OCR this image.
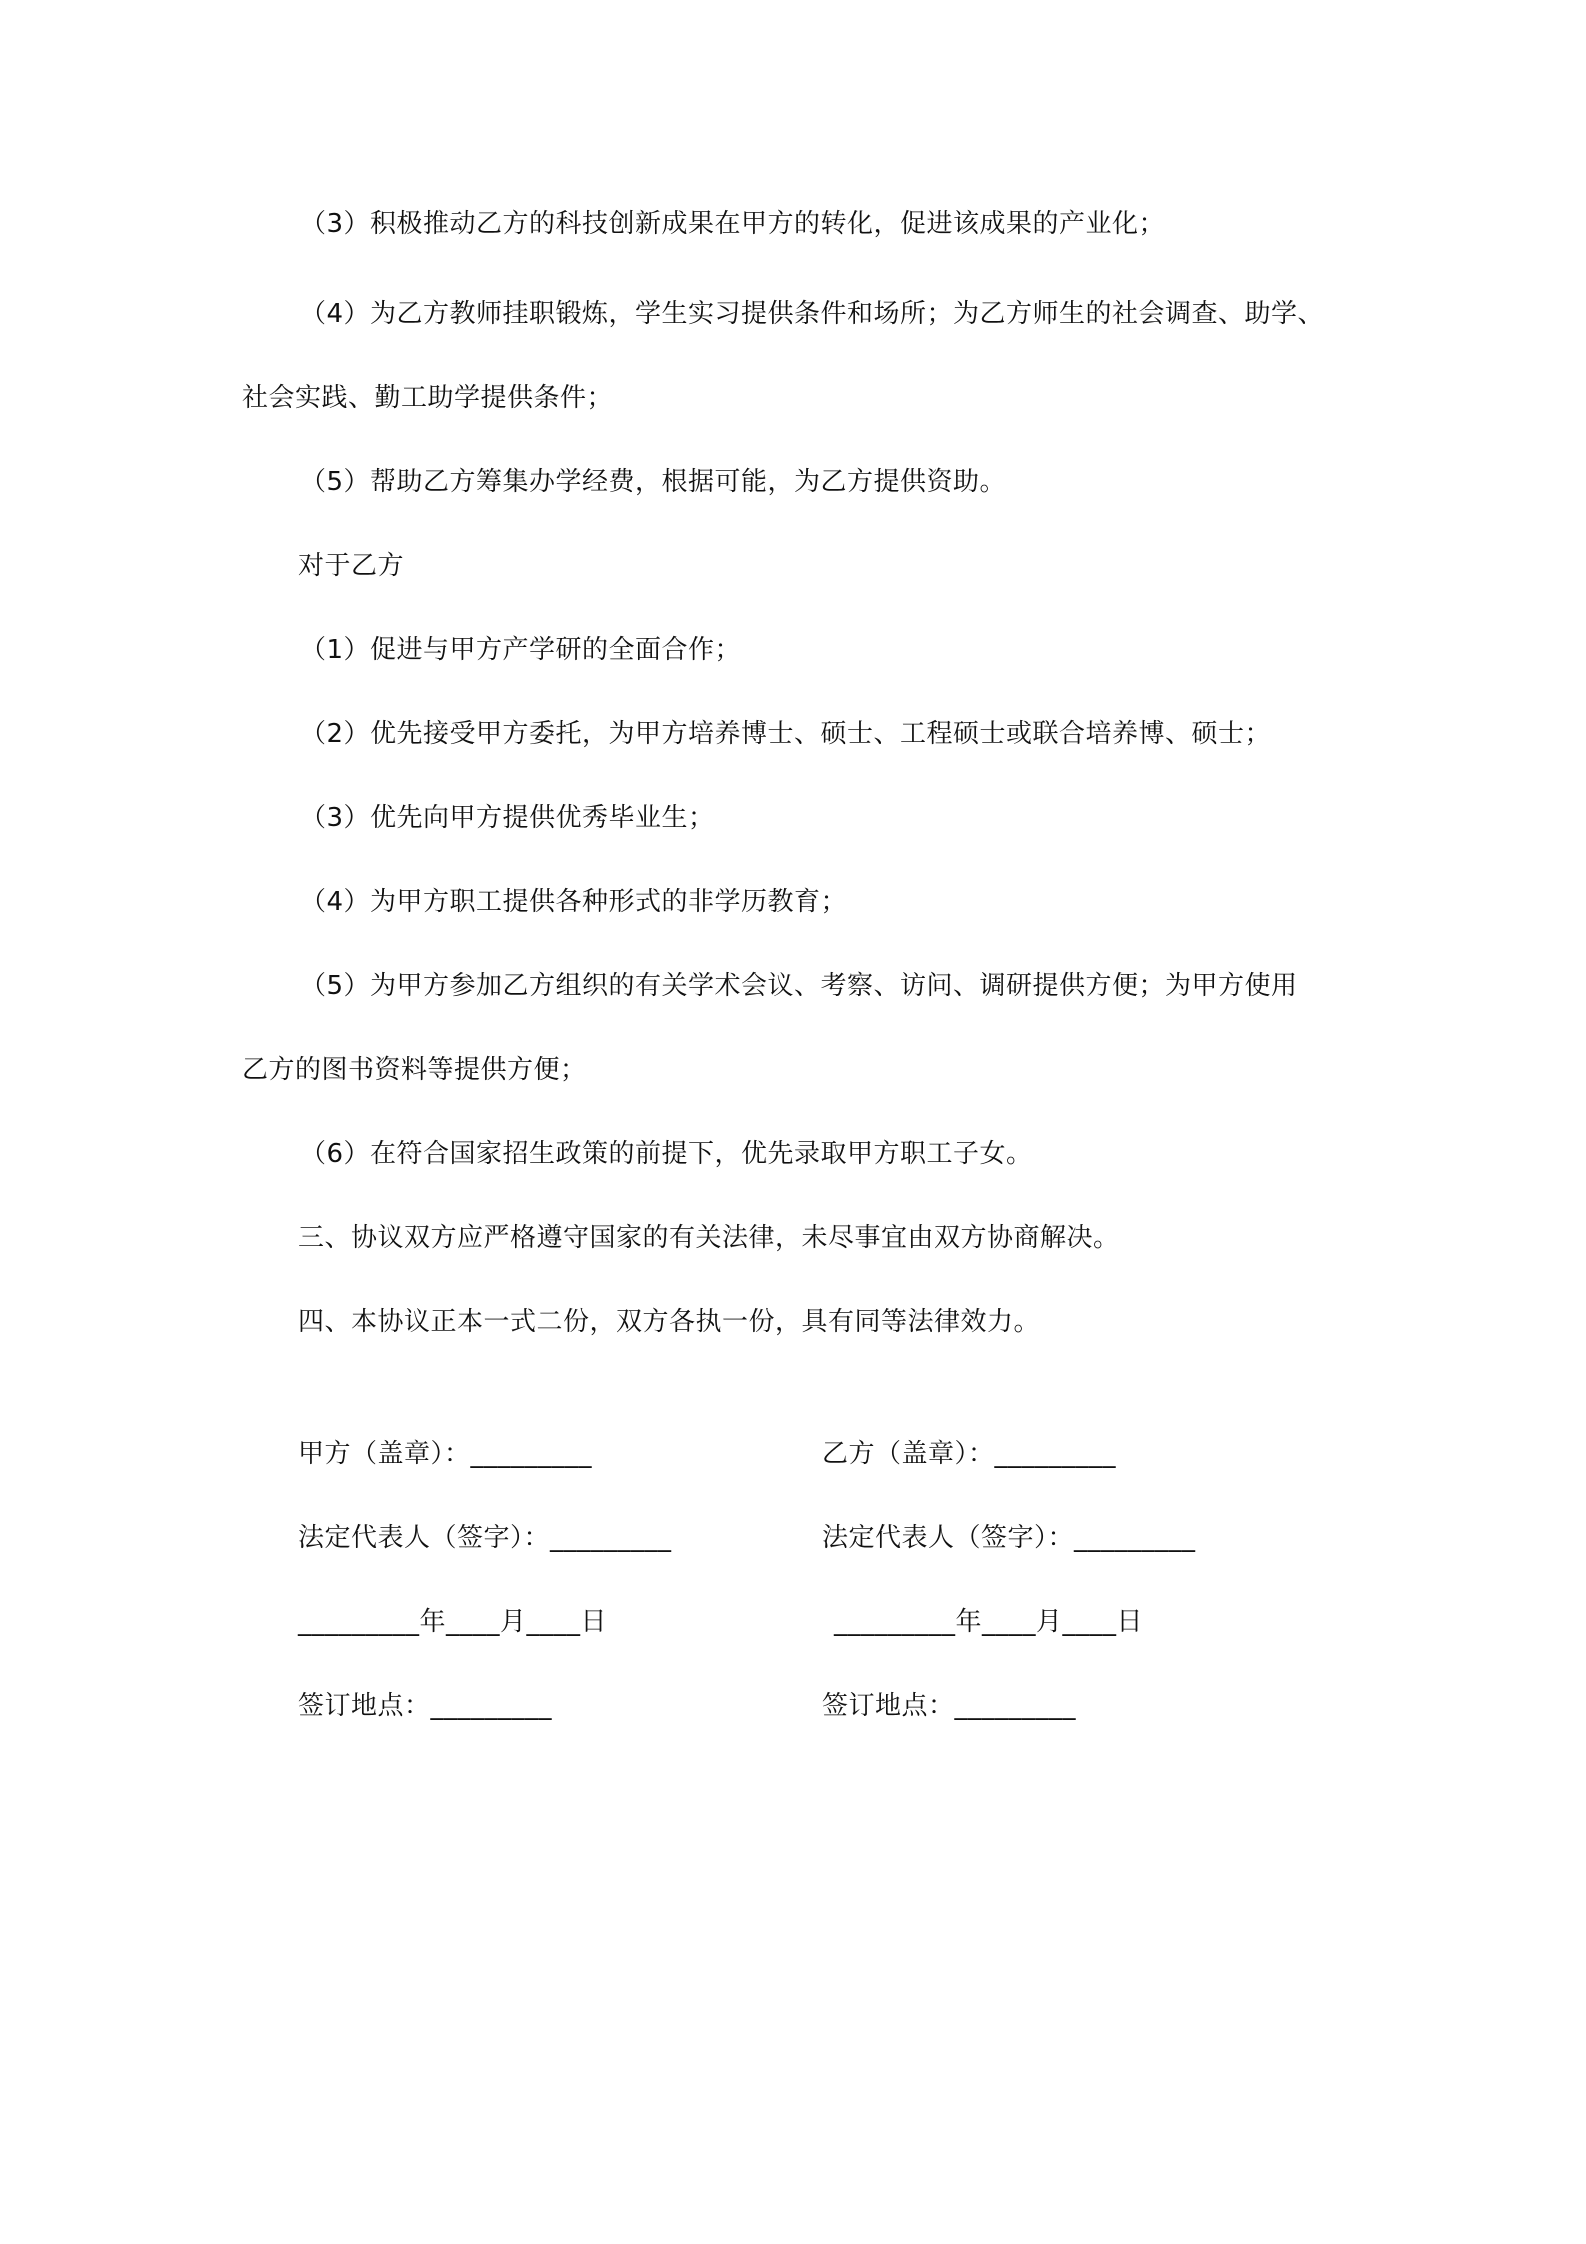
（3）积极推动乙方的科技创新成果在甲方的转化，促进该成果的产业化；
（4）为乙方教师挂职锻炼，学生实习提供条件和场所；为乙方师生的社会调查、助学、
社会实践、勤工助学提供条件；
（5）帮助乙方筹集办学经费，根据可能，为乙方提供资助。
对于乙方
（1）促进与甲方产学研的全面合作；
（2）优先接受甲方委托，为甲方培养博士、硕士、工程硕士或联合培养博、硕士；
（3）优先向甲方提供优秀毕业生；
（4）为甲方职工提供各种形式的非学历教育；
（5）为甲方参加乙方组织的有关学术会议、考察、访问、调研提供方便；为甲方使用
乙方的图书资料等提供方便；
（6）在符合国家招生政策的前提下，优先录取甲方职工子女。
三、协议双方应严格遵守国家的有关法律，未尽事宜由双方协商解决。
四、本协议正本一式二份，双方各执一份，具有同等法律效力。
甲方（盖章）：_________	乙方（盖章）：_________
法定代表人（签字）：_________	法定代表人（签字）：_________
_________年____月____日	_________年____月____日
签订地点：_________	签订地点：_________
